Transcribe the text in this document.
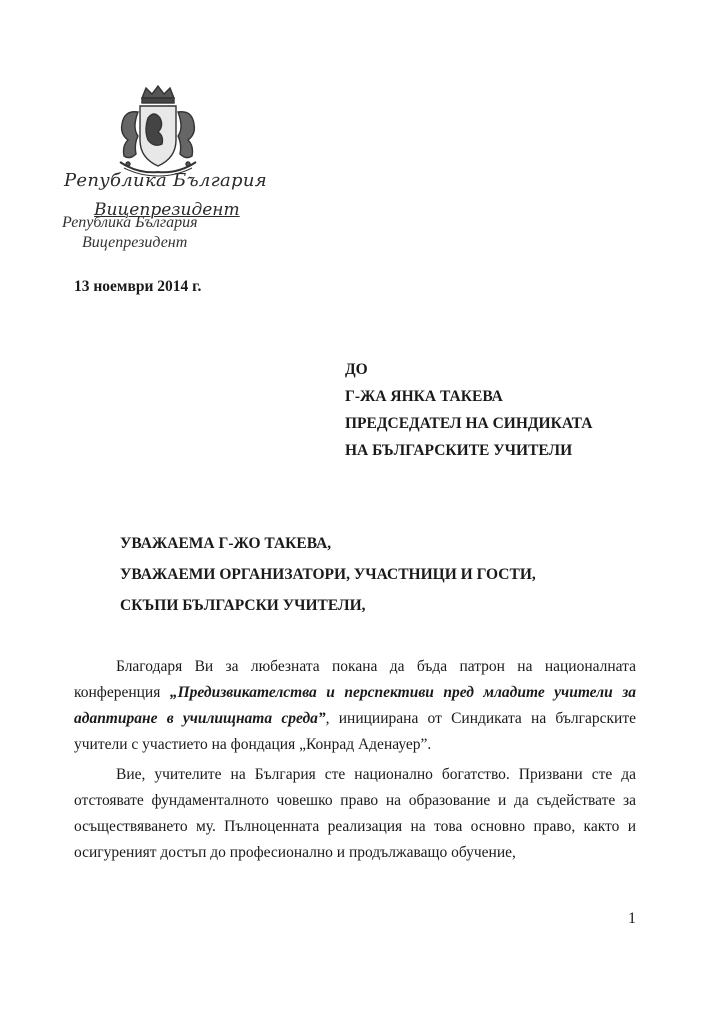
Република България
Вицепрезидент
Република България
Вицепрезидент
13 ноември 2014 г.
ДО
Г-ЖА ЯНКА ТАКЕВА
ПРЕДСЕДАТЕЛ НА СИНДИКАТА
НА БЪЛГАРСКИТЕ УЧИТЕЛИ
УВАЖАЕМА Г-ЖО ТАКЕВА,
УВАЖАЕМИ ОРГАНИЗАТОРИ, УЧАСТНИЦИ И ГОСТИ,
СКЪПИ БЪЛГАРСКИ УЧИТЕЛИ,

Благодаря Ви за любезната покана да бъда патрон на националната конференция „Предизвикателства и перспективи пред младите учители за адаптиране в училищната среда”, инициирана от Синдиката на българските учители с участието на фондация „Конрад Аденауер”.

Вие, учителите на България сте национално богатство. Призвани сте да отстоявате фундаменталното човешко право на образование и да съдействате за осъществяването му. Пълноценната реализация на това основно право, както и осигуреният достъп до професионално и продължаващо обучение,

1
